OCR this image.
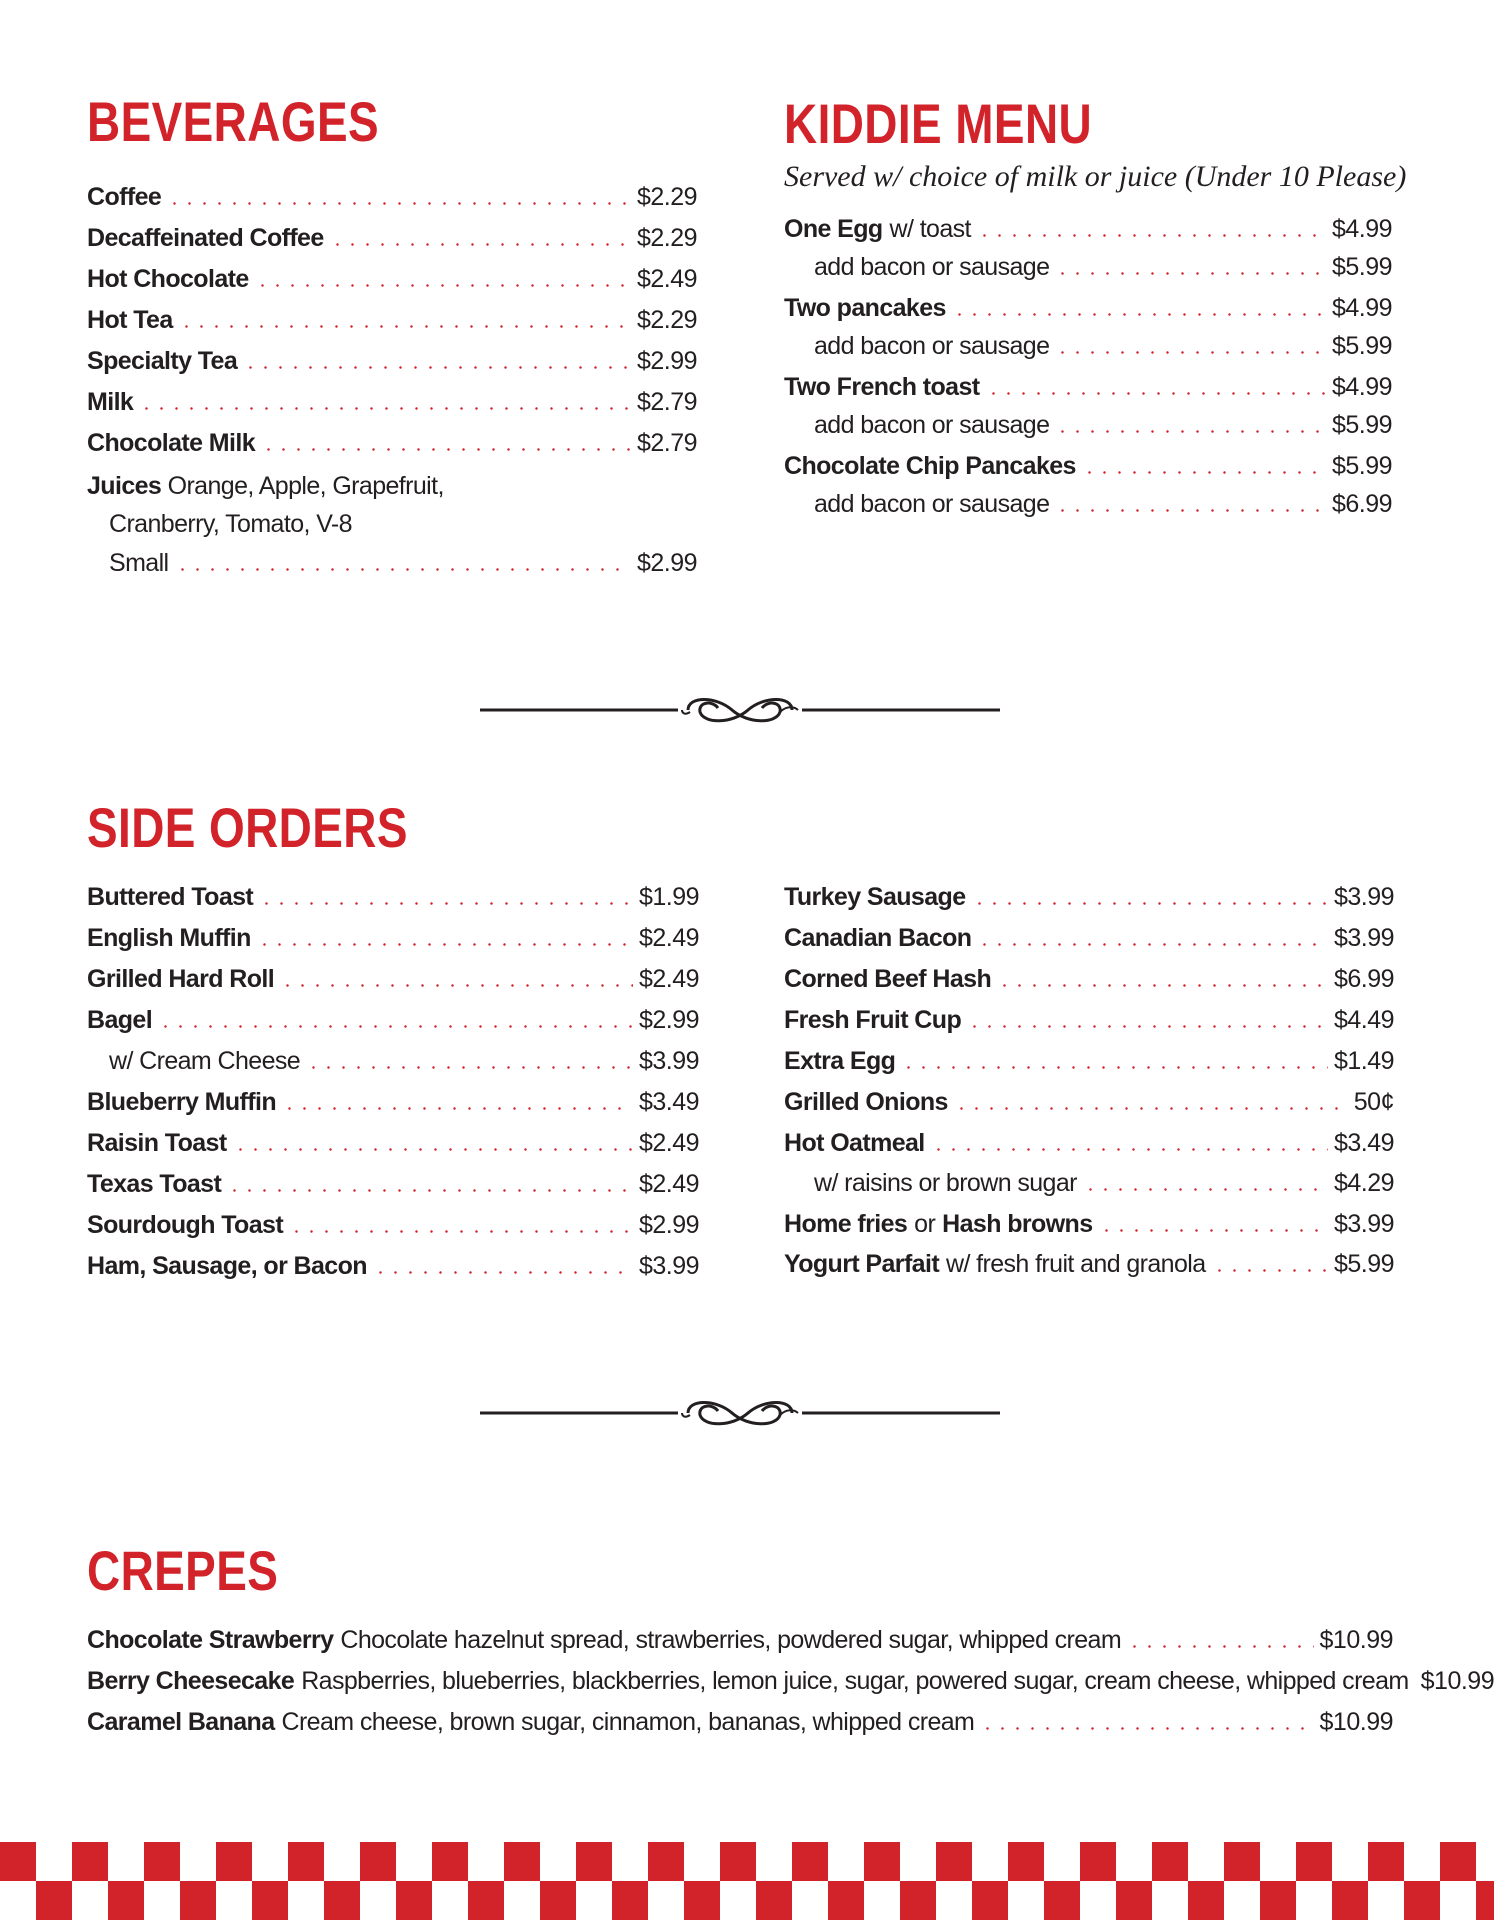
BEVERAGES
Coffee	$2.29
Decaffeinated Coffee	$2.29
Hot Chocolate	$2.49
Hot Tea	$2.29
Specialty Tea	$2.99
Milk	$2.79
Chocolate Milk	$2.79
Juices Orange, Apple, Grapefruit,
Cranberry, Tomato, V-8
Small	$2.99
KIDDIE MENU

Served w/ choice of milk or juice (Under 10 Please)

One Egg w/ toast	$4.99
add bacon or sausage	$5.99
Two pancakes	$4.99
add bacon or sausage	$5.99
Two French toast	$4.99
add bacon or sausage	$5.99
Chocolate Chip Pancakes	$5.99
add bacon or sausage	$6.99
SIDE ORDERS
Buttered Toast	$1.99
English Muffin	$2.49
Grilled Hard Roll	$2.49
Bagel	$2.99
w/ Cream Cheese	$3.99
Blueberry Muffin	$3.49
Raisin Toast	$2.49
Texas Toast	$2.49
Sourdough Toast	$2.99
Ham, Sausage, or Bacon	$3.99
Turkey Sausage	$3.99
Canadian Bacon	$3.99
Corned Beef Hash	$6.99
Fresh Fruit Cup	$4.49
Extra Egg	$1.49
Grilled Onions	50¢
Hot Oatmeal	$3.49
w/ raisins or brown sugar	$4.29
Home fries or Hash browns	$3.99
Yogurt Parfait w/ fresh fruit and granola	$5.99
CREPES
Chocolate Strawberry Chocolate hazelnut spread, strawberries, powdered sugar, whipped cream	$10.99
Berry Cheesecake Raspberries, blueberries, blackberries, lemon juice, sugar, powered sugar, cream cheese, whipped cream $10.99
Caramel Banana Cream cheese, brown sugar, cinnamon, bananas, whipped cream	$10.99
